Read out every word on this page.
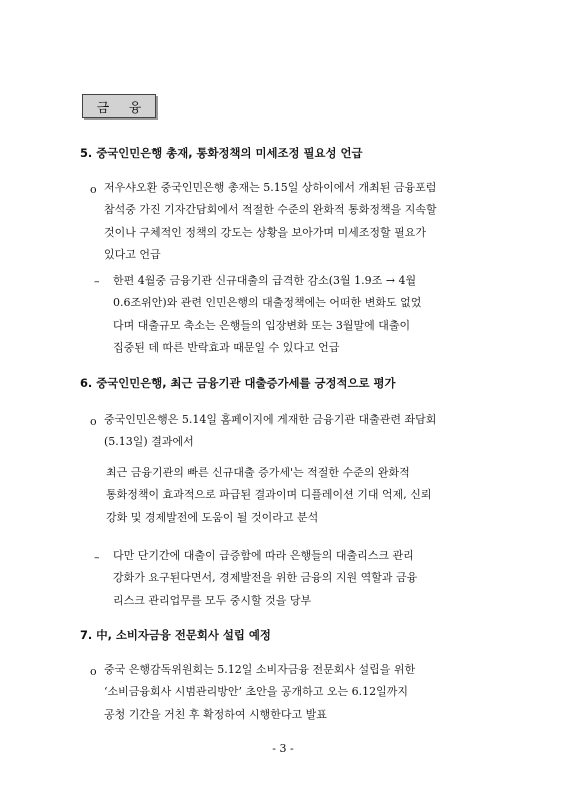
금 융
5. 중국인민은행 총재, 통화정책의 미세조정 필요성 언급
o 저우샤오환 중국인민은행 총재는 5.15일 상하이에서 개최된 금융포럼

참석중 가진 기자간담회에서 적절한 수준의 완화적 통화정책을 지속할

것이나 구체적인 정책의 강도는 상황을 보아가며 미세조정할 필요가

있다고 언급

– 한편 4월중 금융기관 신규대출의 급격한 감소(3월 1.9조 → 4월

0.6조위안)와 관련 인민은행의 대출정책에는 어떠한 변화도 없었

다며 대출규모 축소는 은행들의 입장변화 또는 3월말에 대출이

집중된 데 따른 반락효과 때문일 수 있다고 언급

6. 중국인민은행, 최근 금융기관 대출증가세를 긍정적으로 평가
o 중국인민은행은 5.14일 홈페이지에 게재한 금융기관 대출관련 좌담회

(5.13일) 결과에서

최근 금융기관의 빠른 신규대출 증가세'는 적절한 수준의 완화적

통화정책이 효과적으로 파급된 결과이며 디플레이션 기대 억제, 신뢰

강화 및 경제발전에 도움이 될 것이라고 분석

– 다만 단기간에 대출이 급증함에 따라 은행들의 대출리스크 관리

강화가 요구된다면서, 경제발전을 위한 금융의 지원 역할과 금융

리스크 관리업무를 모두 중시할 것을 당부

7. 中, 소비자금융 전문회사 설립 예정
o 중국 은행감독위원회는 5.12일 소비자금융 전문회사 설립을 위한

‘소비금융회사 시범관리방안’ 초안을 공개하고 오는 6.12일까지

공청 기간을 거친 후 확정하여 시행한다고 발표

- 3 -
